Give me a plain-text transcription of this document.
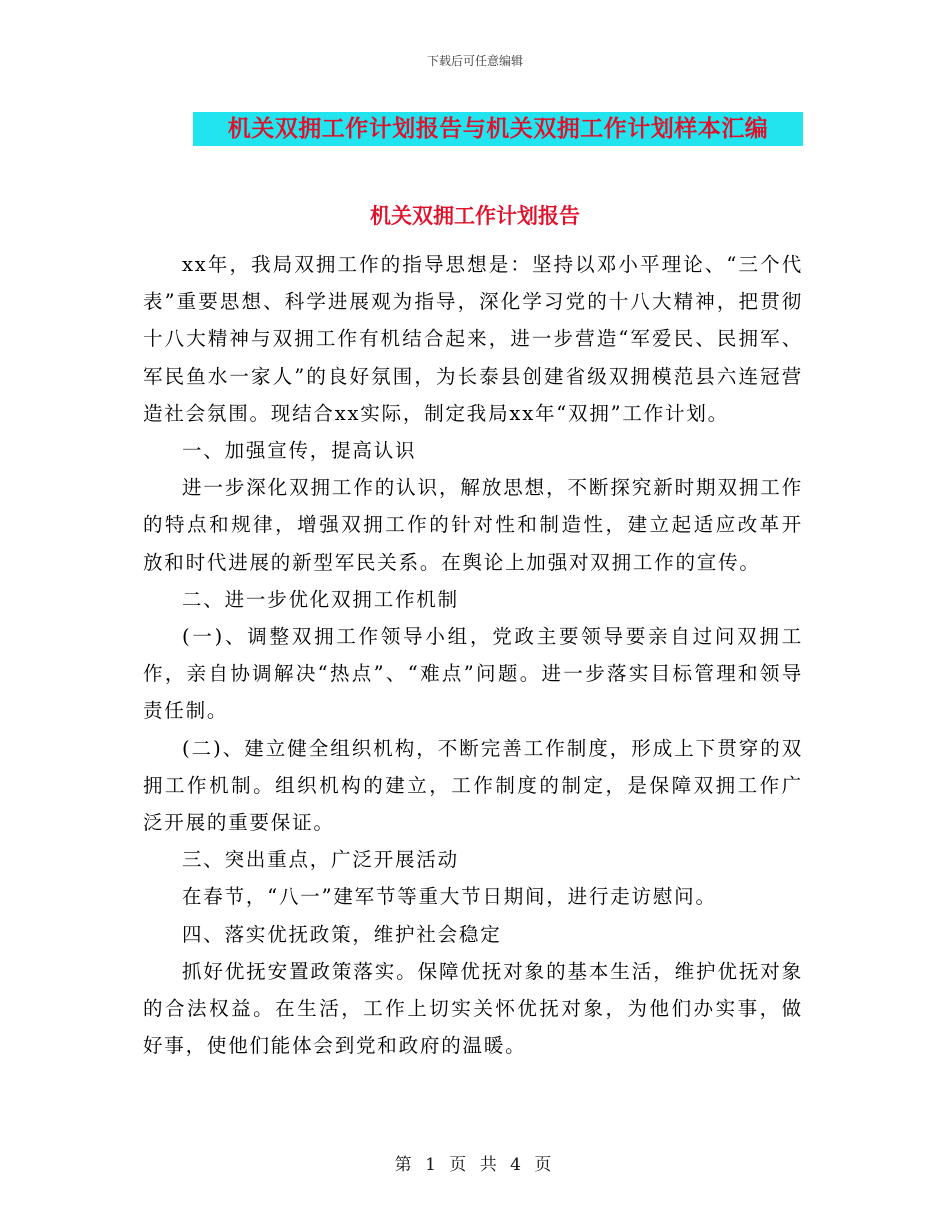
下载后可任意编辑
机关双拥工作计划报告与机关双拥工作计划样本汇编
机关双拥工作计划报告

xx年，我局双拥工作的指导思想是：坚持以邓小平理论、“三个代表”重要思想、科学进展观为指导，深化学习党的十八大精神，把贯彻十八大精神与双拥工作有机结合起来，进一步营造“军爱民、民拥军、军民鱼水一家人”的良好氛围，为长泰县创建省级双拥模范县六连冠营造社会氛围。现结合xx实际，制定我局xx年“双拥”工作计划。

一、加强宣传，提高认识

进一步深化双拥工作的认识，解放思想，不断探究新时期双拥工作的特点和规律，增强双拥工作的针对性和制造性，建立起适应改革开放和时代进展的新型军民关系。在舆论上加强对双拥工作的宣传。

二、进一步优化双拥工作机制

(一)、调整双拥工作领导小组，党政主要领导要亲自过问双拥工作，亲自协调解决“热点”、“难点”问题。进一步落实目标管理和领导责任制。

(二)、建立健全组织机构，不断完善工作制度，形成上下贯穿的双拥工作机制。组织机构的建立，工作制度的制定，是保障双拥工作广泛开展的重要保证。

三、突出重点，广泛开展活动

在春节，“八一”建军节等重大节日期间，进行走访慰问。

四、落实优抚政策，维护社会稳定

抓好优抚安置政策落实。保障优抚对象的基本生活，维护优抚对象的合法权益。在生活，工作上切实关怀优抚对象，为他们办实事，做好事，使他们能体会到党和政府的温暖。

第 1 页 共 4 页
